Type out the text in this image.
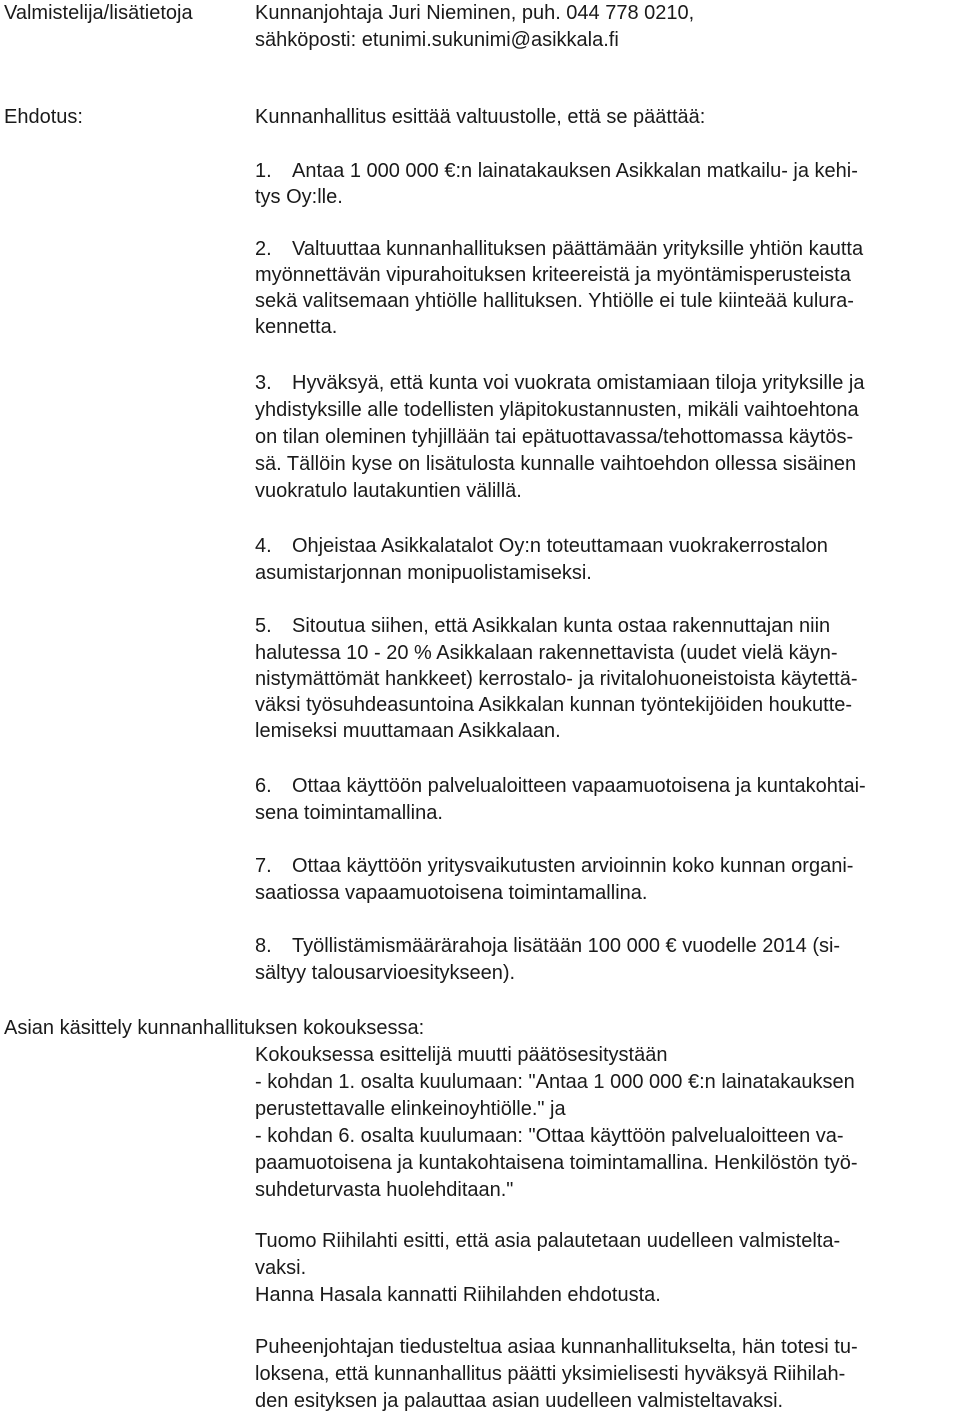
Valmistelija/lisätietoja	Kunnanjohtaja Juri Nieminen, puh. 044 778 0210,
sähköposti: etunimi.sukunimi@asikkala.fi
Ehdotus:	Kunnanhallitus esittää valtuustolle, että se päättää:
1. Antaa 1 000 000 €:n lainatakauksen Asikkalan matkailu- ja kehi-
tys Oy:lle.
2. Valtuuttaa kunnanhallituksen päättämään yrityksille yhtiön kautta
myönnettävän vipurahoituksen kriteereistä ja myöntämisperusteista
sekä valitsemaan yhtiölle hallituksen. Yhtiölle ei tule kiinteää kulura-
kennetta.
3. Hyväksyä, että kunta voi vuokrata omistamiaan tiloja yrityksille ja
yhdistyksille alle todellisten yläpitokustannusten, mikäli vaihtoehtona
on tilan oleminen tyhjillään tai epätuottavassa/tehottomassa käytös-
sä. Tällöin kyse on lisätulosta kunnalle vaihtoehdon ollessa sisäinen
vuokratulo lautakuntien välillä.
4. Ohjeistaa Asikkalatalot Oy:n toteuttamaan vuokrakerrostalon
asumistarjonnan monipuolistamiseksi.
5. Sitoutua siihen, että Asikkalan kunta ostaa rakennuttajan niin
halutessa 10 - 20 % Asikkalaan rakennettavista (uudet vielä käyn-
nistymättömät hankkeet) kerrostalo- ja rivitalohuoneistoista käytettä-
väksi työsuhdeasuntoina Asikkalan kunnan työntekijöiden houkutte-
lemiseksi muuttamaan Asikkalaan.
6. Ottaa käyttöön palvelualoitteen vapaamuotoisena ja kuntakohtai-
sena toimintamallina.
7. Ottaa käyttöön yritysvaikutusten arvioinnin koko kunnan organi-
saatiossa vapaamuotoisena toimintamallina.
8. Työllistämismäärärahoja lisätään 100 000 € vuodelle 2014 (si-
sältyy talousarvioesitykseen).
Asian käsittely kunnanhallituksen kokouksessa:
Kokouksessa esittelijä muutti päätösesitystään
- kohdan 1. osalta kuulumaan: "Antaa 1 000 000 €:n lainatakauksen
perustettavalle elinkeinoyhtiölle." ja
- kohdan 6. osalta kuulumaan: "Ottaa käyttöön palvelualoitteen va-
paamuotoisena ja kuntakohtaisena toimintamallina. Henkilöstön työ-
suhdeturvasta huolehditaan."
Tuomo Riihilahti esitti, että asia palautetaan uudelleen valmistelta-
vaksi.
Hanna Hasala kannatti Riihilahden ehdotusta.
Puheenjohtajan tiedusteltua asiaa kunnanhallitukselta, hän totesi tu-
loksena, että kunnanhallitus päätti yksimielisesti hyväksyä Riihilah-
den esityksen ja palauttaa asian uudelleen valmisteltavaksi.
